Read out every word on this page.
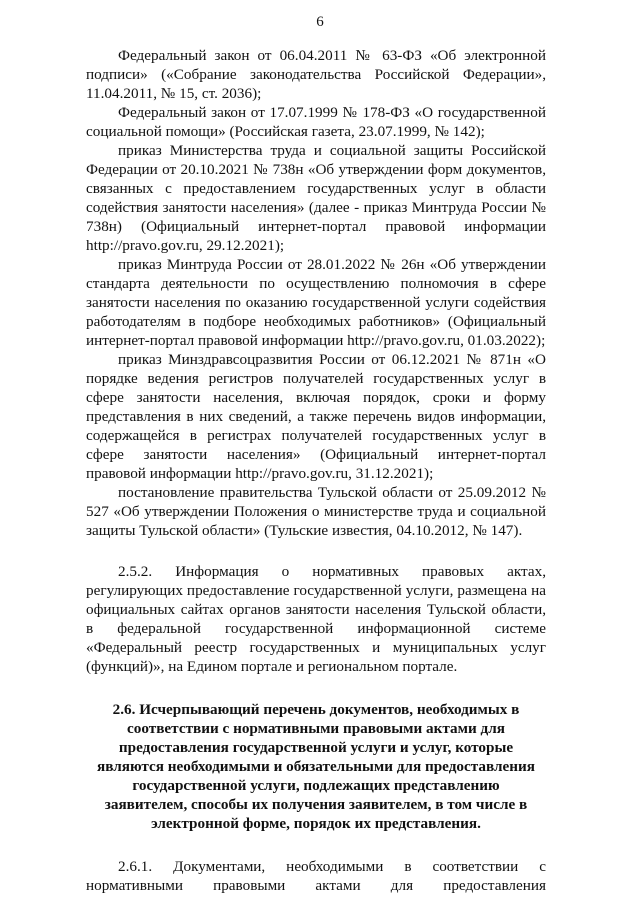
6

Федеральный закон от 06.04.2011 № 63-ФЗ «Об электронной подписи» («Собрание законодательства Российской Федерации», 11.04.2011, № 15, ст. 2036);

Федеральный закон от 17.07.1999 № 178-ФЗ «О государственной социальной помощи» (Российская газета, 23.07.1999, № 142);

приказ Министерства труда и социальной защиты Российской Федерации от 20.10.2021 № 738н «Об утверждении форм документов, связанных с предоставлением государственных услуг в области содействия занятости населения» (далее - приказ Минтруда России № 738н) (Официальный интернет-портал правовой информации http://pravo.gov.ru, 29.12.2021);

приказ Минтруда России от 28.01.2022 № 26н «Об утверждении стандарта деятельности по осуществлению полномочия в сфере занятости населения по оказанию государственной услуги содействия работодателям в подборе необходимых работников» (Официальный интернет-портал правовой информации http://pravo.gov.ru, 01.03.2022);

приказ Минздравсоцразвития России от 06.12.2021 № 871н «О порядке ведения регистров получателей государственных услуг в сфере занятости населения, включая порядок, сроки и форму представления в них сведений, а также перечень видов информации, содержащейся в регистрах получателей государственных услуг в сфере занятости населения» (Официальный интернет-портал правовой информации http://pravo.gov.ru, 31.12.2021);

постановление правительства Тульской области от 25.09.2012 № 527 «Об утверждении Положения о министерстве труда и социальной защиты Тульской области» (Тульские известия, 04.10.2012, № 147).

2.5.2. Информация о нормативных правовых актах, регулирующих предоставление государственной услуги, размещена на официальных сайтах органов занятости населения Тульской области, в федеральной государственной информационной системе «Федеральный реестр государственных и муниципальных услуг (функций)», на Едином портале и региональном портале.

2.6. Исчерпывающий перечень документов, необходимых в соответствии с нормативными правовыми актами для предоставления государственной услуги и услуг, которые являются необходимыми и обязательными для предоставления государственной услуги, подлежащих представлению заявителем, способы их получения заявителем, в том числе в электронной форме, порядок их представления.

2.6.1. Документами, необходимыми в соответствии с нормативными правовыми актами для предоставления
